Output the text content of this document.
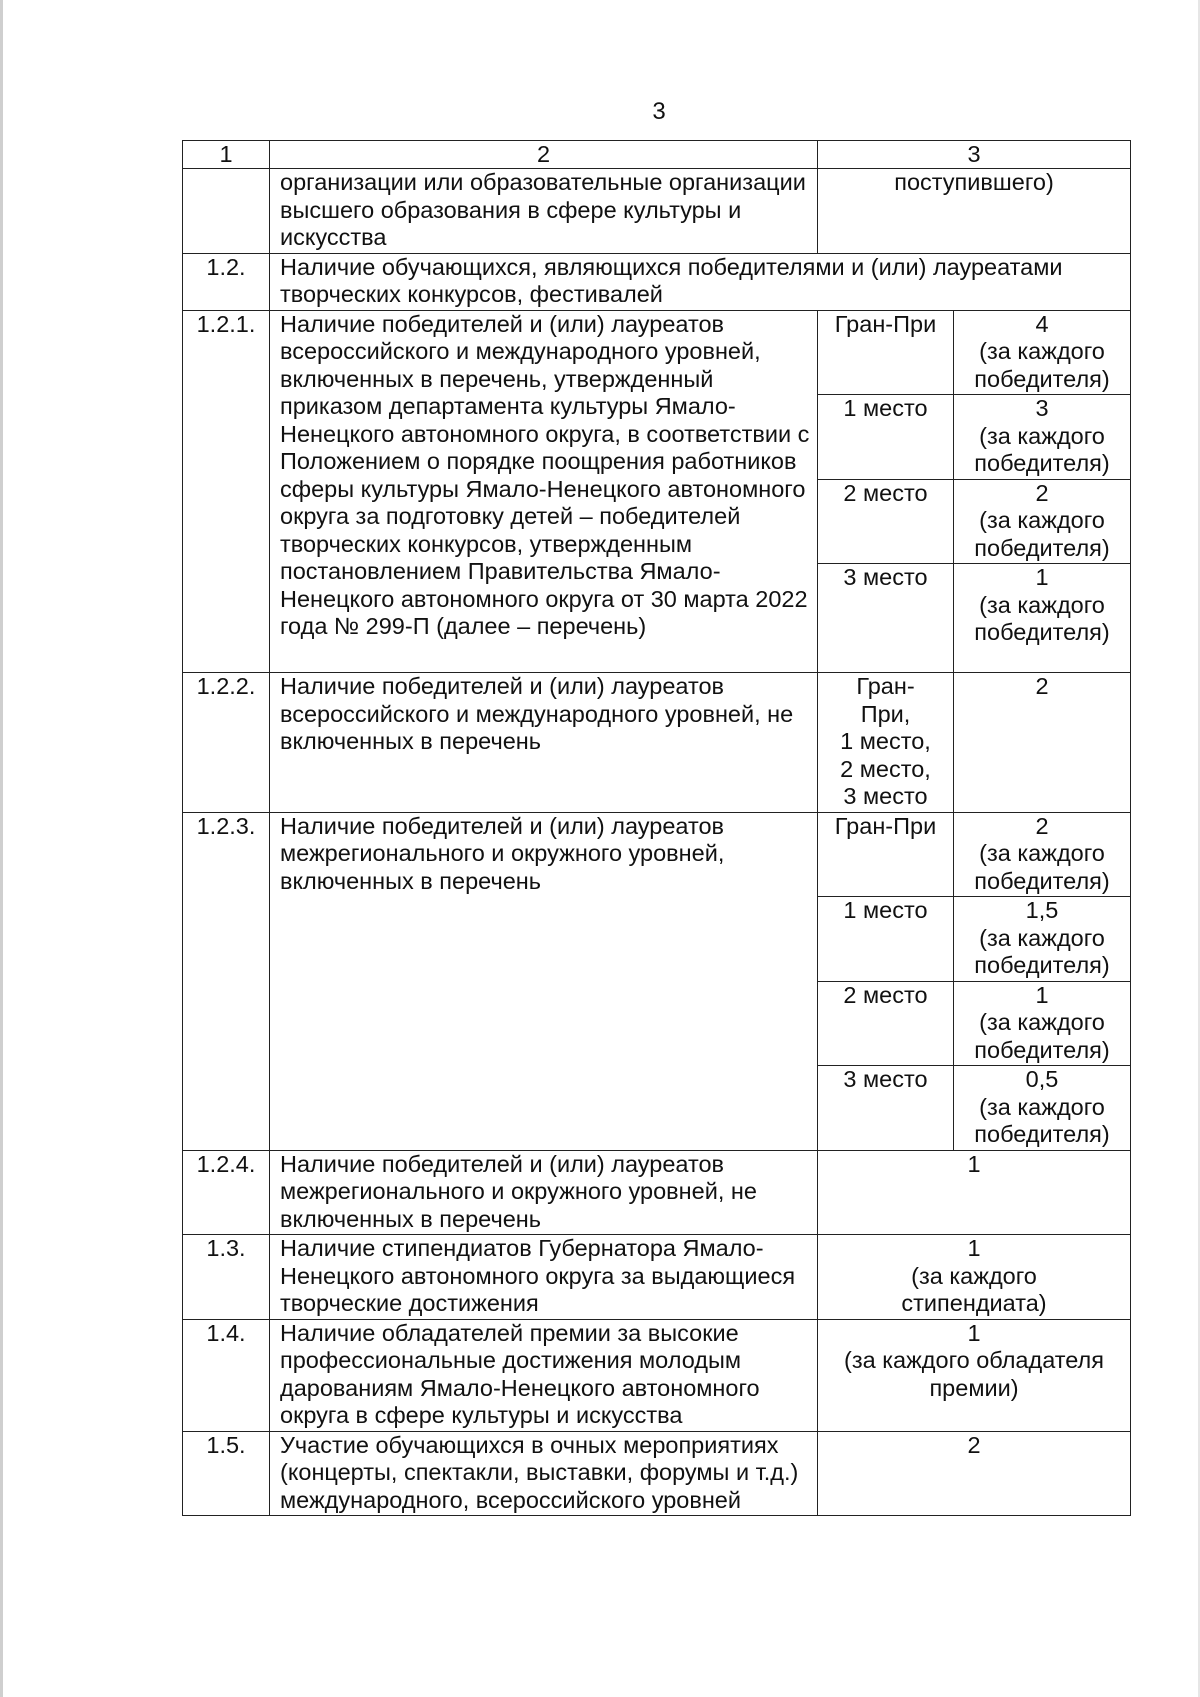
3
1	2	3	
	организации или образовательные организации высшего образования в сфере культуры и искусства	поступившего)	
1.2.	Наличие обучающихся, являющихся победителями и (или) лауреатами творческих конкурсов, фестивалей		
1.2.1.	Наличие победителей и (или) лауреатов всероссийского и международного уровней, включенных в перечень, утвержденный приказом департамента культуры Ямало-Ненецкого автономного округа, в соответствии с Положением о порядке поощрения работников сферы культуры Ямало-Ненецкого автономного округа за подготовку детей – победителей творческих конкурсов, утвержденным постановлением Правительства Ямало-Ненецкого автономного округа от 30 марта 2022 года № 299-П (далее – перечень)	Гран-При	4
(за каждого победителя)

		1 место	3
(за каждого победителя)

		2 место	2
(за каждого победителя)

		3 место	1
(за каждого победителя)

1.2.2.	Наличие победителей и (или) лауреатов всероссийского и международного уровней, не включенных в перечень	Гран-
При,
1 место,
2 место,
3 место	2
1.2.3.	Наличие победителей и (или) лауреатов межрегионального и окружного уровней, включенных в перечень	Гран-При	2
(за каждого победителя)

		1 место	1,5
(за каждого победителя)

		2 место	1
(за каждого победителя)

		3 место	0,5
(за каждого победителя)

1.2.4.	Наличие победителей и (или) лауреатов межрегионального и окружного уровней, не включенных в перечень	1	
1.3.	Наличие стипендиатов Губернатора Ямало-Ненецкого автономного округа за выдающиеся творческие достижения	1
(за каждого стипендиата)	

1.4.	Наличие обладателей премии за высокие профессиональные достижения молодым дарованиям Ямало-Ненецкого автономного округа в сфере культуры и искусства	1
(за каждого обладателя премии)	

1.5.	Участие обучающихся в очных мероприятиях (концерты, спектакли, выставки, форумы и т.д.) международного, всероссийского уровней	2	
